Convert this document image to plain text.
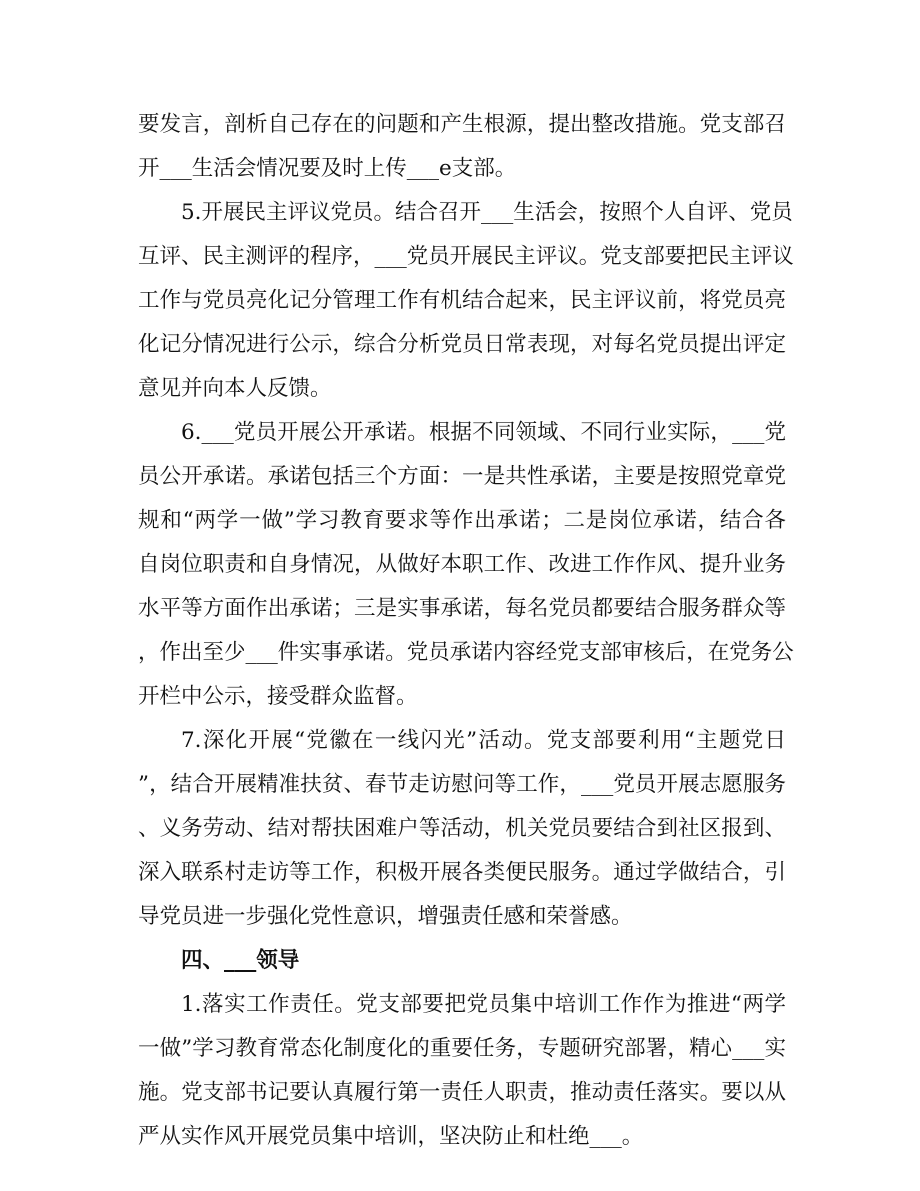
要发言，剖析自己存在的问题和产生根源，提出整改措施。党支部召
开___生活会情况要及时上传___e支部。
5.开展民主评议党员。结合召开___生活会，按照个人自评、党员
互评、民主测评的程序，___党员开展民主评议。党支部要把民主评议
工作与党员亮化记分管理工作有机结合起来，民主评议前，将党员亮
化记分情况进行公示，综合分析党员日常表现，对每名党员提出评定
意见并向本人反馈。
6.___党员开展公开承诺。根据不同领域、不同行业实际，___党
员公开承诺。承诺包括三个方面：一是共性承诺，主要是按照党章党
规和“两学一做”学习教育要求等作出承诺；二是岗位承诺，结合各
自岗位职责和自身情况，从做好本职工作、改进工作作风、提升业务
水平等方面作出承诺；三是实事承诺，每名党员都要结合服务群众等
，作出至少___件实事承诺。党员承诺内容经党支部审核后，在党务公
开栏中公示，接受群众监督。
7.深化开展“党徽在一线闪光”活动。党支部要利用“主题党日
”，结合开展精准扶贫、春节走访慰问等工作，___党员开展志愿服务
、义务劳动、结对帮扶困难户等活动，机关党员要结合到社区报到、
深入联系村走访等工作，积极开展各类便民服务。通过学做结合，引
导党员进一步强化党性意识，增强责任感和荣誉感。
四、___领导
1.落实工作责任。党支部要把党员集中培训工作作为推进“两学
一做”学习教育常态化制度化的重要任务，专题研究部署，精心___实
施。党支部书记要认真履行第一责任人职责，推动责任落实。要以从
严从实作风开展党员集中培训，坚决防止和杜绝___。
